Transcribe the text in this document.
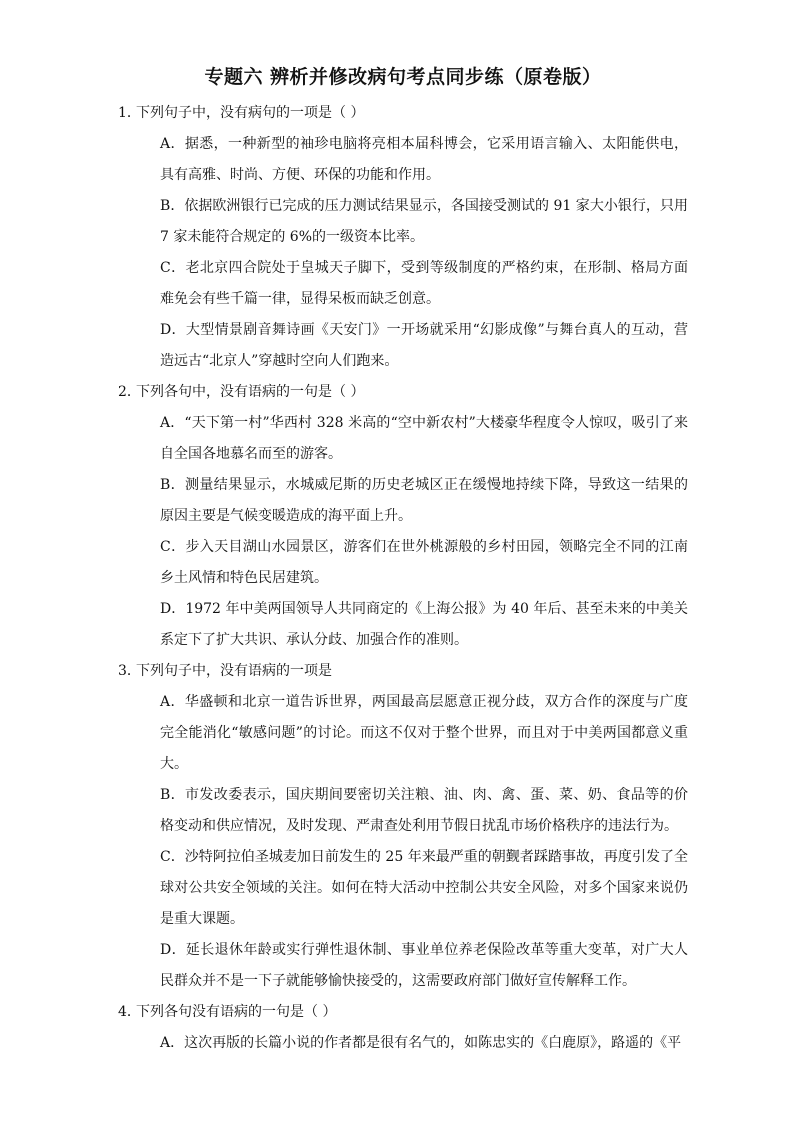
专题六 辨析并修改病句考点同步练（原卷版）

1．下列句子中，没有病句的一项是（ ）

A．据悉，一种新型的袖珍电脑将亮相本届科博会，它采用语言输入、太阳能供电，具有高雅、时尚、方便、环保的功能和作用。

B．依据欧洲银行已完成的压力测试结果显示，各国接受测试的 91 家大小银行，只用 7 家未能符合规定的 6%的一级资本比率。

C．老北京四合院处于皇城天子脚下，受到等级制度的严格约束，在形制、格局方面难免会有些千篇一律，显得呆板而缺乏创意。

D．大型情景剧音舞诗画《天安门》一开场就采用“幻影成像”与舞台真人的互动，营造远古“北京人”穿越时空向人们跑来。

2．下列各句中，没有语病的一句是（ ）

A．“天下第一村”华西村 328 米高的“空中新农村”大楼豪华程度令人惊叹，吸引了来自全国各地慕名而至的游客。

B．测量结果显示，水城威尼斯的历史老城区正在缓慢地持续下降，导致这一结果的原因主要是气候变暖造成的海平面上升。

C．步入天目湖山水园景区，游客们在世外桃源般的乡村田园，领略完全不同的江南乡土风情和特色民居建筑。

D．1972 年中美两国领导人共同商定的《上海公报》为 40 年后、甚至未来的中美关系定下了扩大共识、承认分歧、加强合作的准则。

3．下列句子中，没有语病的一项是

A．华盛顿和北京一道告诉世界，两国最高层愿意正视分歧，双方合作的深度与广度完全能消化“敏感问题”的讨论。而这不仅对于整个世界，而且对于中美两国都意义重大。

B．市发改委表示，国庆期间要密切关注粮、油、肉、禽、蛋、菜、奶、食品等的价格变动和供应情况，及时发现、严肃查处利用节假日扰乱市场价格秩序的违法行为。

C．沙特阿拉伯圣城麦加日前发生的 25 年来最严重的朝觐者踩踏事故，再度引发了全球对公共安全领域的关注。如何在特大活动中控制公共安全风险，对多个国家来说仍是重大课题。

D．延长退休年龄或实行弹性退休制、事业单位养老保险改革等重大变革，对广大人民群众并不是一下子就能够愉快接受的，这需要政府部门做好宣传解释工作。

4．下列各句没有语病的一句是（ ）

A．这次再版的长篇小说的作者都是很有名气的，如陈忠实的《白鹿原》，路遥的《平
